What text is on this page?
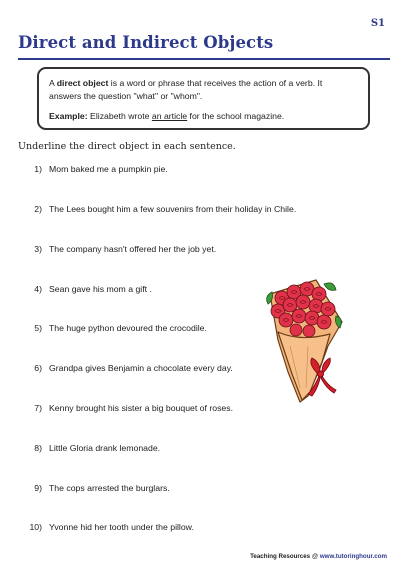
S1
Direct and Indirect Objects
A direct object is a word or phrase that receives the action of a verb. It
answers the question "what" or "whom".
Example: Elizabeth wrote an article for the school magazine.
Underline the direct object in each sentence.
1) Mom baked me a pumpkin pie.
2) The Lees bought him a few souvenirs from their holiday in Chile.
3) The company hasn't offered her the job yet.
4) Sean gave his mom a gift .
5) The huge python devoured the crocodile.
6) Grandpa gives Benjamin a chocolate every day.
7) Kenny brought his sister a big bouquet of roses.
8) Little Gloria drank lemonade.
9) The cops arrested the burglars.
10) Yvonne hid her tooth under the pillow.
Teaching Resources @ www.tutoringhour.com
